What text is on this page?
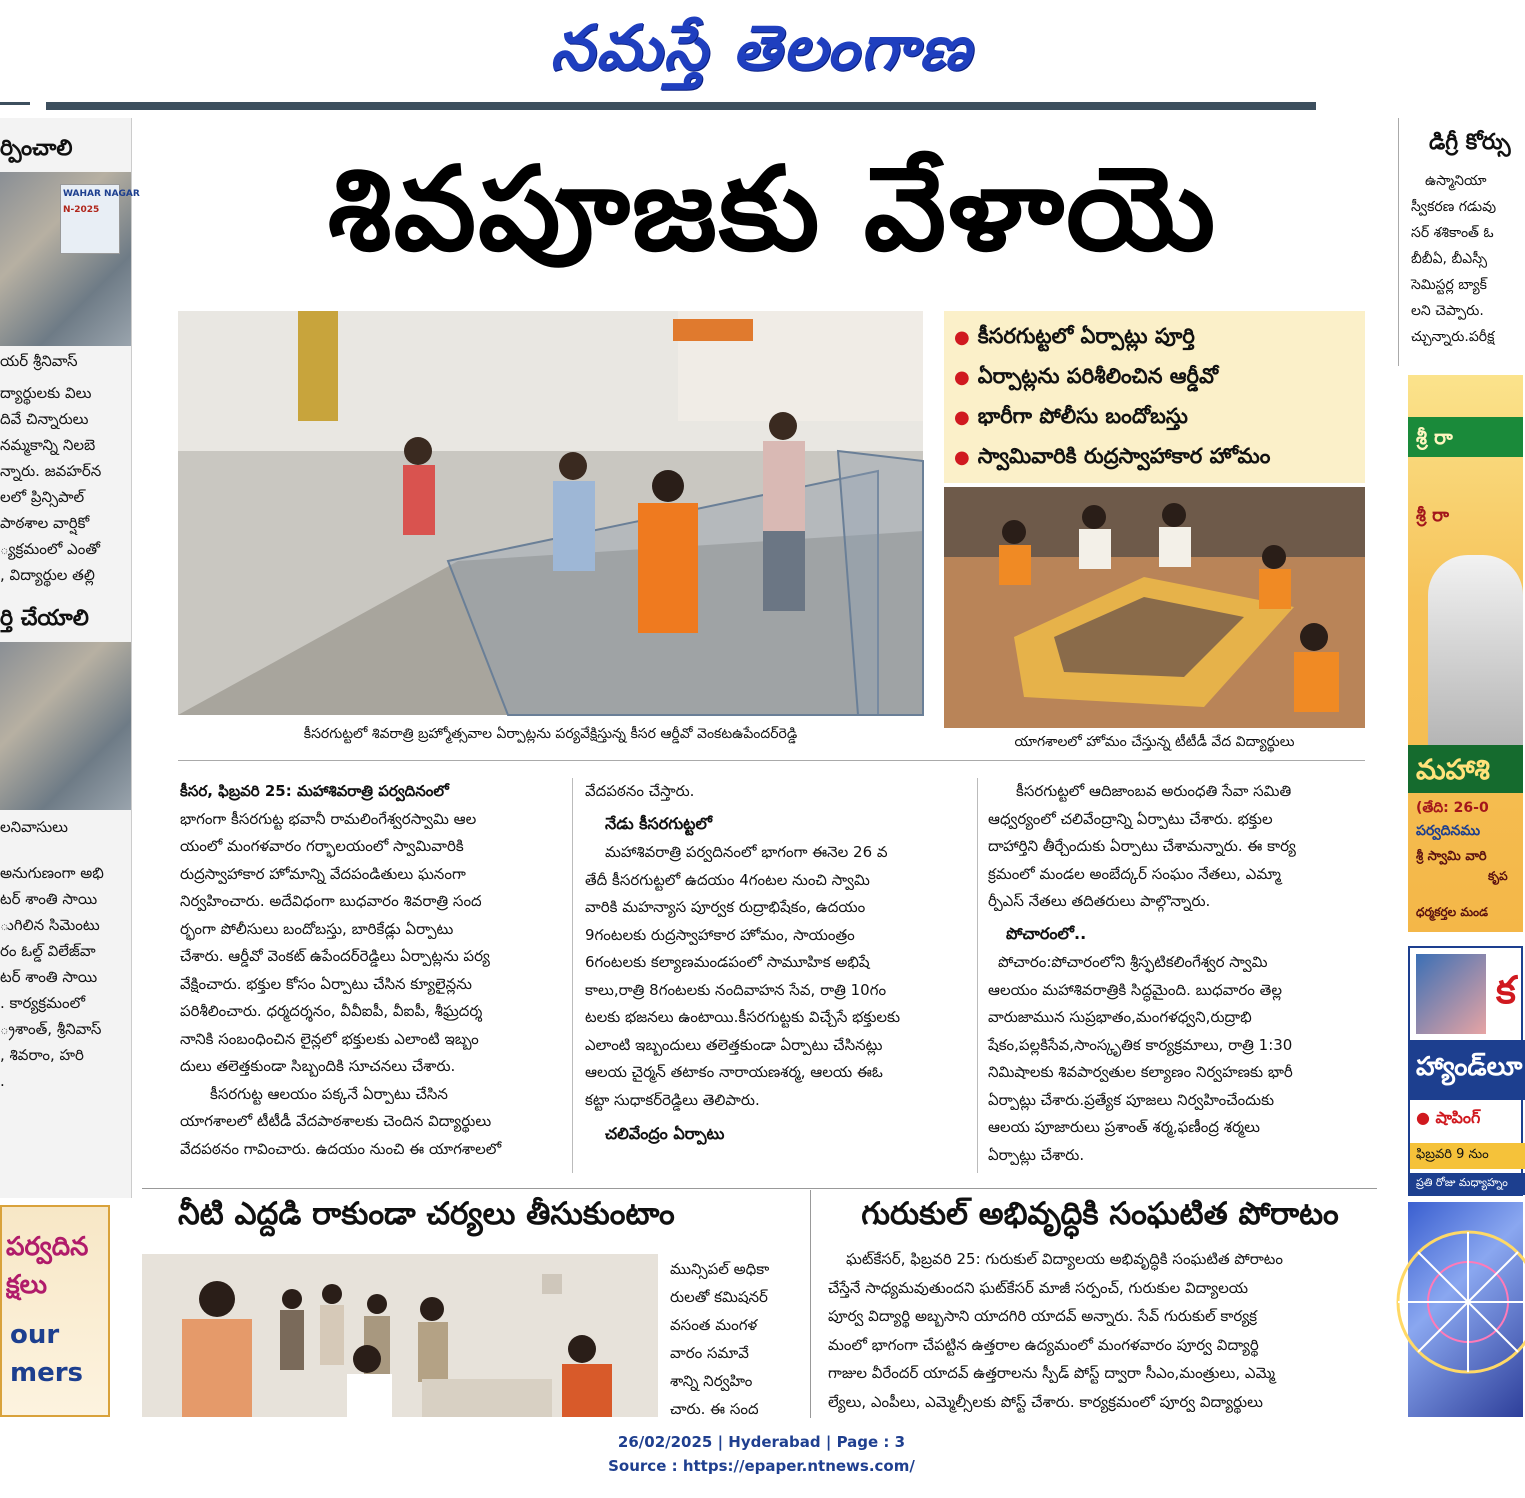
నమస్తే తెలంగాణ
ర్పించాలి
WAHAR NAGAR
N-2025
యర్ శ్రీనివాస్
ద్యార్థులకు విలు
దివే చిన్నారులు
నమ్మకాన్ని నిలబె
న్నారు. జవహర్‌న
లలో ప్రిన్సిపాల్
పాఠశాల వార్షికో
్యక్రమంలో ఎంతో
, విద్యార్థుల తల్లి
ర్తి చేయాలి
లనివాసులు
అనుగుణంగా అభి
టర్ శాంతి సాయి
ుగిలిన సిమెంటు
రం ఓల్డ్ విలేజ్‌వా
టర్ శాంతి సాయి
. కార్యక్రమంలో
్రశాంత్, శ్రీనివాస్
, శివరాం, హరి
.
పర్వదిన
క్షలు
our
mers
శివపూజకు వేళాయె
● కీసరగుట్టలో ఏర్పాట్లు పూర్తి
● ఏర్పాట్లను పరిశీలించిన ఆర్డీవో
● భారీగా పోలీసు బందోబస్తు
● స్వామివారికి రుద్రస్వాహాకార హోమం
కీసరగుట్టలో శివరాత్రి బ్రహ్మోత్సవాల ఏర్పాట్లను పర్యవేక్షిస్తున్న కీసర ఆర్డీవో వెంకటఉపేందర్‌రెడ్డి	యాగశాలలో హోమం చేస్తున్న టీటీడీ వేద విద్యార్థులు
కీసర, ఫిబ్రవరి 25: మహాశివరాత్రి పర్వదినంలో
భాగంగా కీసరగుట్ట భవానీ రామలింగేశ్వరస్వామి ఆల
యంలో మంగళవారం గర్భాలయంలో స్వామివారికి
రుద్రస్వాహాకార హోమాన్ని వేదపండితులు ఘనంగా
నిర్వహించారు. అదేవిధంగా బుధవారం శివరాత్రి సంద
ర్భంగా పోలీసులు బందోబస్తు, బారికేడ్లు ఏర్పాటు
చేశారు. ఆర్డీవో వెంకట్ ఉపేందర్‌రెడ్డిలు ఏర్పాట్లను పర్య
వేక్షించారు. భక్తుల కోసం ఏర్పాటు చేసిన క్యూలైన్లను
పరిశీలించారు. ధర్మదర్శనం, వీవీఐపీ, వీఐపీ, శీఘ్రదర్శ
నానికి సంబంధించిన లైన్లలో భక్తులకు ఎలాంటి ఇబ్బం
దులు తలెత్తకుండా సిబ్బందికి సూచనలు చేశారు.
కీసరగుట్ట ఆలయం పక్కనే ఏర్పాటు చేసిన
యాగశాలలో టీటీడీ వేదపాఠశాలకు చెందిన విద్యార్థులు
వేదపఠనం గావించారు. ఉదయం నుంచి ఈ యాగశాలలో
వేదపఠనం చేస్తారు.
నేడు కీసరగుట్టలో
మహాశివరాత్రి పర్వదినంలో భాగంగా ఈనెల 26 వ
తేదీ కీసరగుట్టలో ఉదయం 4గంటల నుంచి స్వామి
వారికి మహన్యాస పూర్వక రుద్రాభిషేకం, ఉదయం
9గంటలకు రుద్రస్వాహాకార హోమం, సాయంత్రం
6గంటలకు కల్యాణమండపంలో సామూహిక అభిషే
కాలు,రాత్రి 8గంటలకు నందివాహన సేవ, రాత్రి 10గం
టలకు భజనలు ఉంటాయి.కీసరగుట్టకు విచ్చేసే భక్తులకు
ఎలాంటి ఇబ్బందులు తలెత్తకుండా ఏర్పాటు చేసినట్లు
ఆలయ చైర్మన్ తటాకం నారాయణశర్మ, ఆలయ ఈఓ
కట్టా సుధాకర్‌రెడ్డిలు తెలిపారు.
చలివేంద్రం ఏర్పాటు
కీసరగుట్టలో ఆదిజాంబవ అరుంధతి సేవా సమితి
ఆధ్వర్యంలో చలివేంద్రాన్ని ఏర్పాటు చేశారు. భక్తుల
దాహార్తిని తీర్చేందుకు ఏర్పాటు చేశామన్నారు. ఈ కార్య
క్రమంలో మండల అంబేద్కర్ సంఘం నేతలు, ఎమ్మా
ర్పీఎస్ నేతలు తదితరులు పాల్గొన్నారు.
పోచారంలో..
పోచారం:పోచారంలోని శ్రీస్ఫటికలింగేశ్వర స్వామి
ఆలయం మహాశివరాత్రికి సిద్ధమైంది. బుధవారం తెల్ల
వారుజామున సుప్రభాతం,మంగళధ్వని,రుద్రాభి
షేకం,పల్లకిసేవ,సాంస్కృతిక కార్యక్రమాలు, రాత్రి 1:30
నిమిషాలకు శివపార్వతుల కల్యాణం నిర్వహణకు భారీ
ఏర్పాట్లు చేశారు.ప్రత్యేక పూజలు నిర్వహించేందుకు
ఆలయ పూజారులు ప్రశాంత్ శర్మ,ఫణీంద్ర శర్మలు
ఏర్పాట్లు చేశారు.
నీటి ఎద్దడి రాకుండా చర్యలు తీసుకుంటాం	గురుకుల్ అభివృద్ధికి సంఘటిత పోరాటం
మున్సిపల్ అధికా
రులతో కమిషనర్
వసంత మంగళ
వారం సమావే
శాన్ని నిర్వహిం
చారు. ఈ సంద
ఘట్‌కేసర్, ఫిబ్రవరి 25: గురుకుల్ విద్యాలయ అభివృద్ధికి సంఘటిత పోరాటం
చేస్తేనే సాధ్యమవుతుందని ఘట్‌కేసర్ మాజీ సర్పంచ్, గురుకుల విద్యాలయ
పూర్వ విద్యార్థి అబ్బసాని యాదగిరి యాదవ్ అన్నారు. సేవ్ గురుకుల్ కార్యక్ర
మంలో భాగంగా చేపట్టిన ఉత్తరాల ఉద్యమంలో మంగళవారం పూర్వ విద్యార్థి
గాజుల వీరేందర్ యాదవ్ ఉత్తరాలను స్పీడ్ పోస్ట్ ద్వారా సీఎం,మంత్రులు, ఎమ్మె
ల్యేలు, ఎంపీలు, ఎమ్మెల్సీలకు పోస్ట్ చేశారు. కార్యక్రమంలో పూర్వ విద్యార్థులు
డిగ్రీ కోర్సు
ఉస్మానియా
స్వీకరణ గడువు
సర్ శశికాంత్ ఓ
బీబీఏ, బీఎస్సీ
సెమిస్టర్ల బ్యాక్
లని చెప్పారు.
చ్చున్నారు.పరీక్ష
శ్రీ రా
శ్రీ రా
మహాశి
(తేది: 26-0
పర్వదినము
శ్రీ స్వామి వారి
కృప
ధర్మకర్తల మండ
క
హ్యాండ్‌లూ
● షాపింగ్
ఫిబ్రవరి 9 నుం
ప్రతి రోజు మధ్యాహ్నం
26/02/2025 | Hyderabad | Page : 3
Source : https://epaper.ntnews.com/
